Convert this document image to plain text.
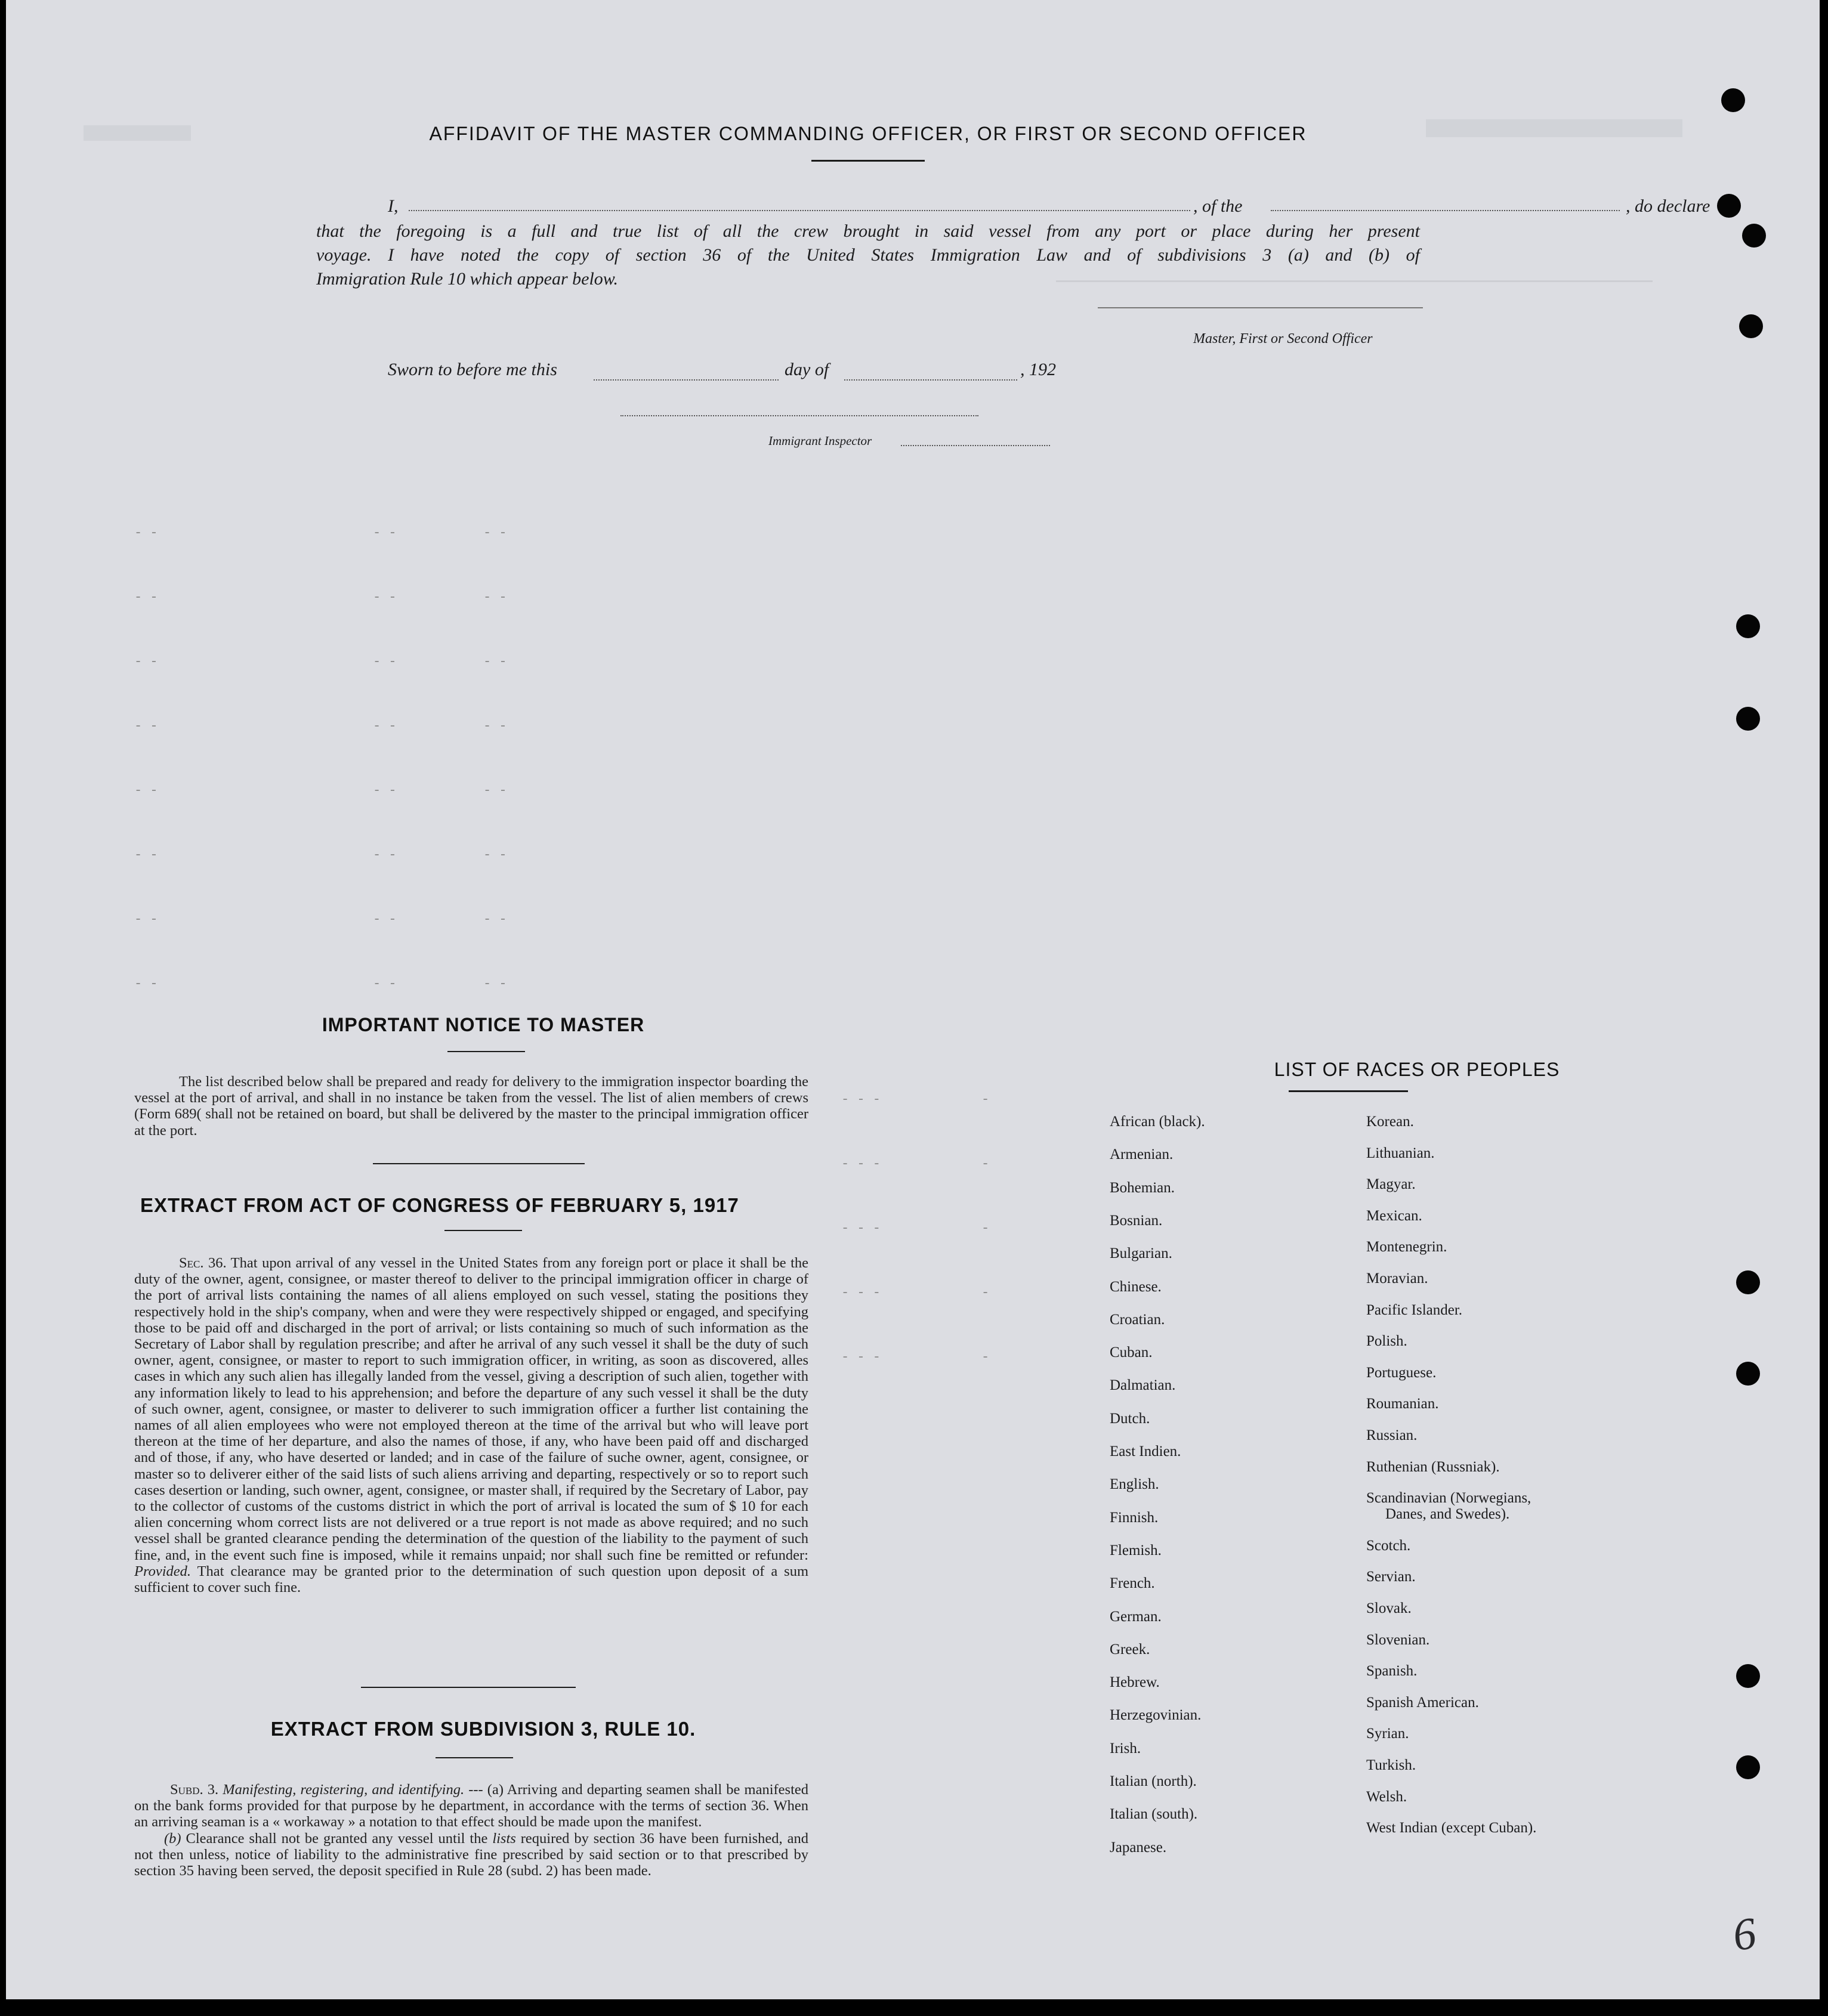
AFFIDAVIT OF THE MASTER COMMANDING OFFICER, OR FIRST OR SECOND OFFICER
I,	, of the	, do declare
that the foregoing is a full and true list of all the crew brought in said vessel from any port or place during her present
voyage. I have noted the copy of section 36 of the United States Immigration Law and of subdivisions 3 (a) and (b) of
Immigration Rule 10 which appear below.
Master, First or Second Officer
Sworn to before me this	day of	, 192
Immigrant Inspector
- -
- -
- -
- -
- -
- -
- -
- -
- -
- -
- -
- -
- -
- -
- -
- -
- -
- -
- -
- -
- -
- -
- -
- -
- - -
- - -
- - -
- - -
- - -
-
-
-
-
-
IMPORTANT NOTICE TO MASTER
The list described below shall be prepared and ready for delivery to the immigration inspector boarding the vessel at the port of arrival, and shall in no instance be taken from the vessel. The list of alien members of crews (Form 689( shall not be retained on board, but shall be delivered by the master to the principal immigration officer at the port.
EXTRACT FROM ACT OF CONGRESS OF FEBRUARY 5, 1917

Sec. 36. That upon arrival of any vessel in the United States from any foreign port or place it shall be the duty of the owner, agent, consignee, or master thereof to deliver to the principal immigration officer in charge of the port of arrival lists containing the names of all aliens employed on such vessel, stating the positions they respectively hold in the ship's company, when and were they were respectively shipped or engaged, and specifying those to be paid off and discharged in the port of arrival; or lists containing so much of such information as the Secretary of Labor shall by regulation prescribe; and after he arrival of any such vessel it shall be the duty of such owner, agent, consignee, or master to report to such immigration officer, in writing, as soon as discovered, alles cases in which any such alien has illegally landed from the vessel, giving a description of such alien, together with any information likely to lead to his apprehension; and before the departure of any such vessel it shall be the duty of such owner, agent, consignee, or master to deliverer to such immigration officer a further list containing the names of all alien employees who were not employed thereon at the time of the arrival but who will leave port thereon at the time of her departure, and also the names of those, if any, who have been paid off and discharged and of those, if any, who have deserted or landed; and in case of the failure of suche owner, agent, consignee, or master so to deliverer either of the said lists of such aliens arriving and departing, respectively or so to report such cases desertion or landing, such owner, agent, consignee, or master shall, if required by the Secretary of Labor, pay to the collector of customs of the customs district in which the port of arrival is located the sum of $ 10 for each alien concerning whom correct lists are not delivered or a true report is not made as above required; and no such vessel shall be granted clearance pending the determination of the question of the liability to the payment of such fine, and, in the event such fine is imposed, while it remains unpaid; nor shall such fine be remitted or refunder: Provided. That clearance may be granted prior to the determination of such question upon deposit of a sum sufficient to cover such fine.

EXTRACT FROM SUBDIVISION 3, RULE 10.

Subd. 3. Manifesting, registering, and identifying. --- (a) Arriving and departing seamen shall be manifested on the bank forms provided for that purpose by he department, in accordance with the terms of section 36. When an arriving seaman is a « workaway » a notation to that effect should be made upon the manifest.

(b) Clearance shall not be granted any vessel until the lists required by section 36 have been furnished, and not then unless, notice of liability to the administrative fine prescribed by said section or to that prescribed by section 35 having been served, the deposit specified in Rule 28 (subd. 2) has been made.

LIST OF RACES OR PEOPLES
African (black).
Armenian.
Bohemian.
Bosnian.
Bulgarian.
Chinese.
Croatian.
Cuban.
Dalmatian.
Dutch.
East Indien.
English.
Finnish.
Flemish.
French.
German.
Greek.
Hebrew.
Herzegovinian.
Irish.
Italian (north).
Italian (south).
Japanese.
Korean.
Lithuanian.
Magyar.
Mexican.
Montenegrin.
Moravian.
Pacific Islander.
Polish.
Portuguese.
Roumanian.
Russian.
Ruthenian (Russniak).
Scandinavian (Norwegians,
Danes, and Swedes).
Scotch.
Servian.
Slovak.
Slovenian.
Spanish.
Spanish American.
Syrian.
Turkish.
Welsh.
West Indian (except Cuban).
6
